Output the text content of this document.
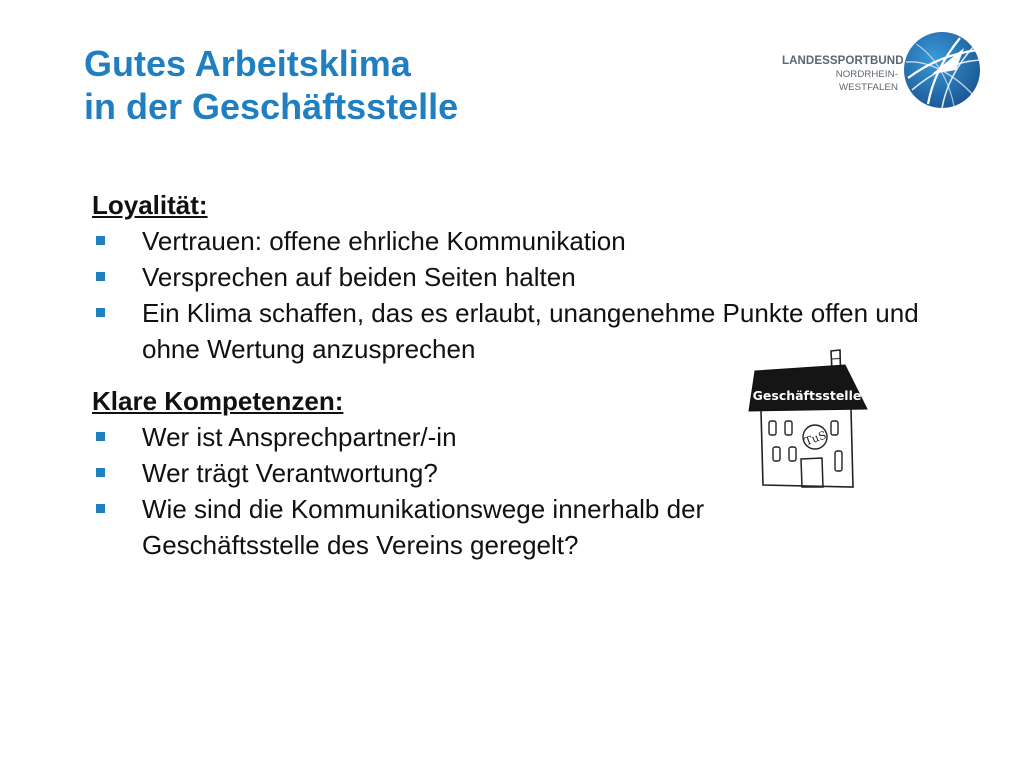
Gutes Arbeitsklima
in der Geschäftsstelle
LANDESSPORTBUND
NORDRHEIN-WESTFALEN

Loyalität:

Vertrauen: offene ehrliche Kommunikation
Versprechen auf beiden Seiten halten
Ein Klima schaffen, das es erlaubt, unangenehme Punkte offen und ohne Wertung anzusprechen

Klare Kompetenzen:

Wer ist Ansprechpartner/-in
Wer trägt Verantwortung?
Wie sind die Kommunikationswege innerhalb der Geschäftsstelle des Vereins geregelt?
Geschäftsstelle
TuS
